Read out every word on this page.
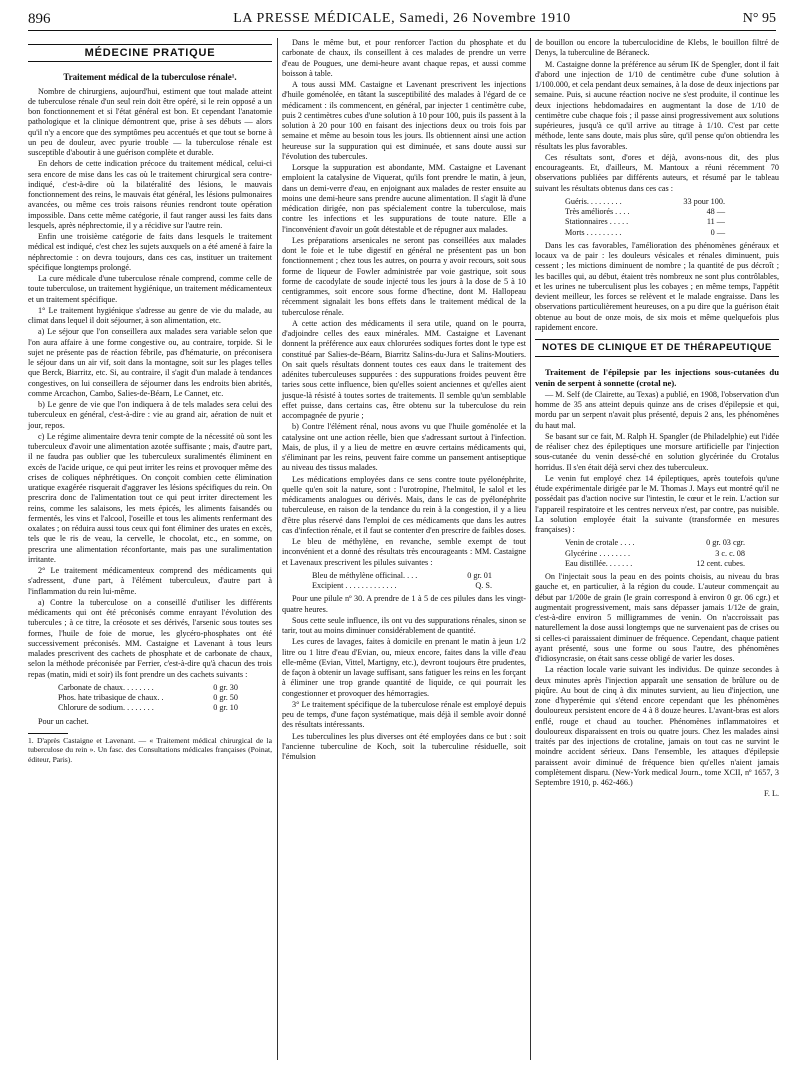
896	LA PRESSE MÉDICALE, Samedi, 26 Novembre 1910	N° 95
MÉDECINE PRATIQUE
Traitement médical de la tuberculose rénale¹.

Nombre de chirurgiens, aujourd'hui, estiment que tout malade atteint de tuberculose rénale d'un seul rein doit être opéré, si le rein opposé a un bon fonctionnement et si l'état général est bon. Et cependant l'anatomie pathologique et la clinique démontrent que, prise à ses débuts — alors qu'il n'y a encore que des symptômes peu accentués et que tout se borne à un peu de douleur, avec pyurie trouble — la tuberculose rénale est susceptible d'aboutir à une guérison complète et durable.

En dehors de cette indication précoce du traitement médical, celui-ci sera encore de mise dans les cas où le traitement chirurgical sera contre-indiqué, c'est-à-dire où la bilatéralité des lésions, le mauvais fonctionnement des reins, le mauvais état général, les lésions pulmonaires avancées, ou même ces trois raisons réunies rendront toute opération impossible. Dans cette même catégorie, il faut ranger aussi les faits dans lesquels, après néphrectomie, il y a récidive sur l'autre rein.

Enfin une troisième catégorie de faits dans lesquels le traitement médical est indiqué, c'est chez les sujets auxquels on a été amené à faire la néphrectomie : on devra toujours, dans ces cas, instituer un traitement spécifique longtemps prolongé.

La cure médicale d'une tuberculose rénale comprend, comme celle de toute tuberculose, un traitement hygiénique, un traitement médicamenteux et un traitement spécifique.

1° Le traitement hygiénique s'adresse au genre de vie du malade, au climat dans lequel il doit séjourner, à son alimentation, etc.

a) Le séjour que l'on conseillera aux malades sera variable selon que l'on aura affaire à une forme congestive ou, au contraire, torpide. Si le sujet ne présente pas de réaction fébrile, pas d'hématurie, on préconisera le séjour dans un air vif, soit dans la montagne, soit sur les plages telles que Berck, Biarritz, etc. Si, au contraire, il s'agit d'un malade à tendances congestives, on lui conseillera de séjourner dans les endroits bien abrités, comme Arcachon, Cambo, Salies-de-Béarn, Le Cannet, etc.

b) Le genre de vie que l'on indiquera à de tels malades sera celui des tuberculeux en général, c'est-à-dire : vie au grand air, aération de nuit et jour, repos.

c) Le régime alimentaire devra tenir compte de la nécessité où sont les tuberculeux d'avoir une alimentation azotée suffisante ; mais, d'autre part, il ne faudra pas oublier que les tuberculeux suralimentés éliminent en excès de l'acide urique, ce qui peut irriter les reins et provoquer même des crises de coliques néphrétiques. On conçoit combien cette élimination uratique exagérée risquerait d'aggraver les lésions spécifiques du rein. On prescrira donc de l'alimentation tout ce qui peut irriter directement les reins, comme les salaisons, les mets épicés, les aliments faisandés ou fermentés, les vins et l'alcool, l'oseille et tous les aliments renfermant des oxalates ; on réduira aussi tous ceux qui font éliminer des urates en excès, tels que le ris de veau, la cervelle, le chocolat, etc., en somme, on prescrira une alimentation réconfortante, mais pas une suralimentation irritante.

2° Le traitement médicamenteux comprend des médicaments qui s'adressent, d'une part, à l'élément tuberculeux, d'autre part à l'inflammation du rein lui-même.

a) Contre la tuberculose on a conseillé d'utiliser les différents médicaments qui ont été préconisés comme enrayant l'évolution des tubercules ; à ce titre, la créosote et ses dérivés, l'arsenic sous toutes ses formes, l'huile de foie de morue, les glycéro-phosphates ont été successivement préconisés. MM. Castaigne et Lavenant à tous leurs malades prescrivent des cachets de phosphate et de carbonate de chaux, selon la méthode préconisée par Ferrier, c'est-à-dire qu'à chacun des trois repas (matin, midi et soir) ils font prendre un des cachets suivants :

Carbonate de chaux. . . . . . . .	0 gr. 30
Phos. hate tribasique de chaux. .	0 gr. 50
Chlorure de sodium. . . . . . . .	0 gr. 10

Pour un cachet.

1. D'après Castaigne et Lavenant. — « Traitement médical chirurgical de la tuberculose du rein ». Un fasc. des Consultations médicales françaises (Poinat, éditeur, Paris).

Dans le même but, et pour renforcer l'action du phosphate et du carbonate de chaux, ils conseillent à ces malades de prendre un verre d'eau de Pougues, une demi-heure avant chaque repas, et aussi comme boisson à table.

A tous aussi MM. Castaigne et Lavenant prescrivent les injections d'huile goménolée, en tâtant la susceptibilité des malades à l'égard de ce médicament : ils commencent, en général, par injecter 1 centimètre cube, puis 2 centimètres cubes d'une solution à 10 pour 100, puis ils passent à la solution à 20 pour 100 en faisant des injections deux ou trois fois par semaine et même au besoin tous les jours. Ils obtiennent ainsi une action heureuse sur la suppuration qui est diminuée, et sans doute aussi sur l'évolution des tubercules.

Lorsque la suppuration est abondante, MM. Castaigne et Lavenant emploient la catalysine de Viquerat, qu'ils font prendre le matin, à jeun, dans un demi-verre d'eau, en enjoignant aux malades de rester ensuite au moins une demi-heure sans prendre aucune alimentation. Il s'agit là d'une médication dirigée, non pas spécialement contre la tuberculose, mais contre les infections et les suppurations de toute nature. Elle a l'inconvénient d'avoir un goût détestable et de répugner aux malades.

Les préparations arsenicales ne seront pas conseillées aux malades dont le foie et le tube digestif en général ne présentent pas un bon fonctionnement ; chez tous les autres, on pourra y avoir recours, soit sous forme de liqueur de Fowler administrée par voie gastrique, soit sous forme de cacodylate de soude injecté tous les jours à la dose de 5 à 10 centigrammes, soit encore sous forme d'hectine, dont M. Hallopeau récemment signalait les bons effets dans le traitement médical de la tuberculose rénale.

A cette action des médicaments il sera utile, quand on le pourra, d'adjoindre celles des eaux minérales. MM. Castaigne et Lavenant donnent la préférence aux eaux chlorurées sodiques fortes dont le type est constitué par Salies-de-Béarn, Biarritz Salins-du-Jura et Salins-Moutiers. On sait quels résultats donnent toutes ces eaux dans le traitement des adénites tuberculeuses suppurées : des suppurations froides peuvent être taries sous cette influence, bien qu'elles soient anciennes et qu'elles aient jusque-là résisté à toutes sortes de traitements. Il semble qu'un semblable effet puisse, dans certains cas, être obtenu sur la tuberculose du rein accompagnée de pyurie ;

b) Contre l'élément rénal, nous avons vu que l'huile goménolée et la catalysine ont une action réelle, bien que s'adressant surtout à l'infection. Mais, de plus, il y a lieu de mettre en œuvre certains médicaments qui, s'éliminant par les reins, peuvent faire comme un pansement antiseptique au niveau des tissus malades.

Les médications employées dans ce sens contre toute pyélonéphrite, quelle qu'en soit la nature, sont : l'urotropine, l'helmitol, le salol et les médicaments analogues ou dérivés. Mais, dans le cas de pyélonéphrite tuberculeuse, en raison de la tendance du rein à la congestion, il y a lieu d'être plus réservé dans l'emploi de ces médicaments que dans les autres cas d'infection rénale, et il faut se contenter d'en prescrire de faibles doses.

Le bleu de méthylène, en revanche, semble exempt de tout inconvénient et a donné des résultats très encourageants : MM. Castaigne et Lavenaux prescrivent les pilules suivantes :

Bleu de méthylène officinal. . . .	0 gr. 01
Excipient . . . . . . . . . . . . .	Q. S.

Pour une pilule nº 30. A prendre de 1 à 5 de ces pilules dans les vingt-quatre heures.

Sous cette seule influence, ils ont vu des suppurations rénales, sinon se tarir, tout au moins diminuer considérablement de quantité.

Les cures de lavages, faites à domicile en prenant le matin à jeun 1/2 litre ou 1 litre d'eau d'Evian, ou, mieux encore, faites dans la ville d'eau elle-même (Evian, Vittel, Martigny, etc.), devront toujours être prudentes, de façon à obtenir un lavage suffisant, sans fatiguer les reins en les forçant à éliminer une trop grande quantité de liquide, ce qui pourrait les congestionner et provoquer des hémorragies.

3° Le traitement spécifique de la tuberculose rénale est employé depuis peu de temps, d'une façon systématique, mais déjà il semble avoir donné des résultats intéressants.

Les tuberculines les plus diverses ont été employées dans ce but : soit l'ancienne tuberculine de Koch, soit la tuberculine résiduelle, soit l'émulsion

de bouillon ou encore la tuberculocidine de Klebs, le bouillon filtré de Denys, la tuberculine de Béraneck.

M. Castaigne donne la préférence au sérum IK de Spengler, dont il fait d'abord une injection de 1/10 de centimètre cube d'une solution à 1/100.000, et cela pendant deux semaines, à la dose de deux injections par semaine. Puis, si aucune réaction nocive ne s'est produite, il continue les deux injections hebdomadaires en augmentant la dose de 1/10 de centimètre cube chaque fois ; il passe ainsi progressivement aux solutions supérieures, jusqu'à ce qu'il arrive au titrage à 1/10. C'est par cette méthode, lente sans doute, mais plus sûre, qu'il pense qu'on obtiendra les résultats les plus favorables.

Ces résultats sont, d'ores et déjà, avons-nous dit, des plus encourageants. Et, d'ailleurs, M. Mantoux a réuni récemment 70 observations publiées par différents auteurs, et résumé par le tableau suivant les résultats obtenus dans ces cas :

Guéris. . . . . . . . .	33 pour 100.
Très améliorés . . . .	48 —
Stationnaires . . . . .	11 —
Morts . . . . . . . . .	0 —

Dans les cas favorables, l'amélioration des phénomènes généraux et locaux va de pair : les douleurs vésicales et rénales diminuent, puis cessent ; les mictions diminuent de nombre ; la quantité de pus décroît ; les bacilles qui, au début, étaient très nombreux ne sont plus contrôlables, et les urines ne tuberculisent plus les cobayes ; en même temps, l'appétit devient meilleur, les forces se relèvent et le malade engraisse. Dans les observations particulièrement heureuses, on a pu dire que la guérison était obtenue au bout de onze mois, de six mois et même quelquefois plus rapidement encore.

NOTES DE CLINIQUE ET DE THÉRAPEUTIQUE
Traitement de l'épilepsie par les injections sous-cutanées du venin de serpent à sonnette (crotal ne).

— M. Self (de Clairette, au Texas) a publié, en 1908, l'observation d'un homme de 35 ans atteint depuis quinze ans de crises d'épilepsie et qui, mordu par un serpent n'avait plus présenté, depuis 2 ans, les phénomènes du haut mal.

Se basant sur ce fait, M. Ralph H. Spangler (de Philadelphie) eut l'idée de réaliser chez des épileptiques une morsure artificielle par l'injection sous-cutanée du venin dessé-ché en solution glycérinée du Crotalus horridus. Il s'en était déjà servi chez des tuberculeux.

Le venin fut employé chez 14 épileptiques, après toutefois qu'une étude expérimentale dirigée par le M. Thomas J. Mays eut montré qu'il ne possédait pas d'action nocive sur l'intestin, le cœur et le rein. L'action sur l'appareil respiratoire et les centres nerveux n'est, par contre, pas nuisible. La solution employée était la suivante (transformée en mesures françaises) :

Venin de crotale . . . .	0 gr. 03 cgr.
Glycérine . . . . . . . .	3 c. c. 08
Eau distillée. . . . . . .	12 cent. cubes.

On l'injectait sous la peau en des points choisis, au niveau du bras gauche et, en particulier, à la région du coude. L'auteur commençait au début par 1/200e de grain (le grain correspond à environ 0 gr. 06 cgr.) et augmentait progressivement, mais sans dépasser jamais 1/12e de grain, c'est-à-dire environ 5 milligrammes de venin. On n'accroissait pas naturellement la dose aussi longtemps que ne survenaient pas de crises ou si celles-ci paraissaient diminuer de fréquence. Cependant, chaque patient ayant présenté, sous une forme ou sous l'autre, des phénomènes d'idiosyncrasie, on était sans cesse obligé de varier les doses.

La réaction locale varie suivant les individus. De quinze secondes à deux minutes après l'injection apparaît une sensation de brûlure ou de piqûre. Au bout de cinq à dix minutes survient, au lieu d'injection, une zone d'hyperémie qui s'étend encore cependant que les phénomènes douloureux persistent encore de 4 à 8 douze heures. L'avant-bras est alors enflé, rouge et chaud au toucher. Phénomènes inflammatoires et douloureux disparaissent en trois ou quatre jours. Chez les malades ainsi traités par des injections de crotaline, jamais on tout cas ne survint le moindre accident sérieux. Dans l'ensemble, les attaques d'épilepsie paraissent avoir diminué de fréquence bien qu'elles n'aient jamais complètement disparu. (New-York medical Journ., tome XCII, nº 1657, 3 Septembre 1910, p. 462-466.)

F. L.
